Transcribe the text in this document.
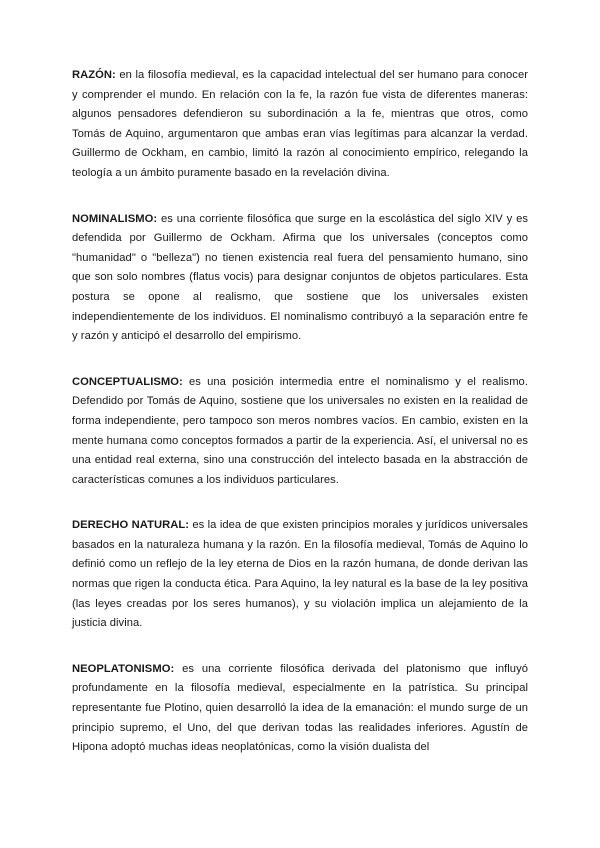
RAZÓN: en la filosofía medieval, es la capacidad intelectual del ser humano para conocer y comprender el mundo. En relación con la fe, la razón fue vista de diferentes maneras: algunos pensadores defendieron su subordinación a la fe, mientras que otros, como Tomás de Aquino, argumentaron que ambas eran vías legítimas para alcanzar la verdad. Guillermo de Ockham, en cambio, limitó la razón al conocimiento empírico, relegando la teología a un ámbito puramente basado en la revelación divina.

NOMINALISMO: es una corriente filosófica que surge en la escolástica del siglo XIV y es defendida por Guillermo de Ockham. Afirma que los universales (conceptos como "humanidad" o "belleza") no tienen existencia real fuera del pensamiento humano, sino que son solo nombres (flatus vocis) para designar conjuntos de objetos particulares. Esta postura se opone al realismo, que sostiene que los universales existen independientemente de los individuos. El nominalismo contribuyó a la separación entre fe y razón y anticipó el desarrollo del empirismo.

CONCEPTUALISMO: es una posición intermedia entre el nominalismo y el realismo. Defendido por Tomás de Aquino, sostiene que los universales no existen en la realidad de forma independiente, pero tampoco son meros nombres vacíos. En cambio, existen en la mente humana como conceptos formados a partir de la experiencia. Así, el universal no es una entidad real externa, sino una construcción del intelecto basada en la abstracción de características comunes a los individuos particulares.

DERECHO NATURAL: es la idea de que existen principios morales y jurídicos universales basados en la naturaleza humana y la razón. En la filosofía medieval, Tomás de Aquino lo definió como un reflejo de la ley eterna de Dios en la razón humana, de donde derivan las normas que rigen la conducta ética. Para Aquino, la ley natural es la base de la ley positiva (las leyes creadas por los seres humanos), y su violación implica un alejamiento de la justicia divina.

NEOPLATONISMO: es una corriente filosófica derivada del platonismo que influyó profundamente en la filosofía medieval, especialmente en la patrística. Su principal representante fue Plotino, quien desarrolló la idea de la emanación: el mundo surge de un principio supremo, el Uno, del que derivan todas las realidades inferiores. Agustín de Hipona adoptó muchas ideas neoplatónicas, como la visión dualista del
